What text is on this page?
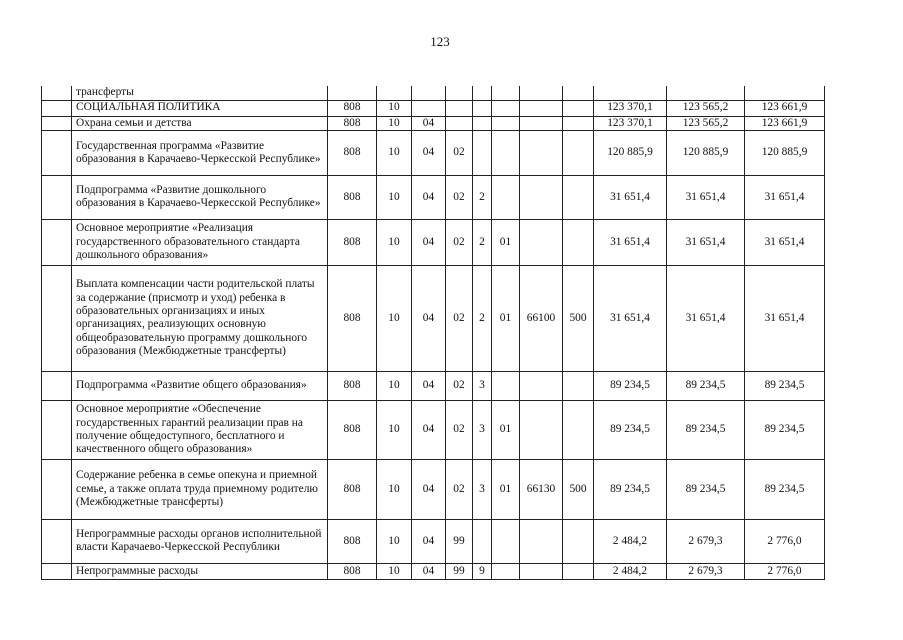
123
	трансферты											
	СОЦИАЛЬНАЯ ПОЛИТИКА	808	10							123 370,1	123 565,2	123 661,9
	Охрана семьи и детства	808	10	04						123 370,1	123 565,2	123 661,9
	Государственная программа «Развитие образования в Карачаево-Черкесской Республике»	808	10	04	02					120 885,9	120 885,9	120 885,9
	Подпрограмма «Развитие дошкольного образования в Карачаево-Черкесской Республике»	808	10	04	02	2				31 651,4	31 651,4	31 651,4
	Основное мероприятие «Реализация государственного образовательного стандарта дошкольного образования»	808	10	04	02	2	01			31 651,4	31 651,4	31 651,4
	Выплата компенсации части родительской платы за содержание (присмотр и уход) ребенка в образовательных организациях и иных организациях, реализующих основную общеобразовательную программу дошкольного образования (Межбюджетные трансферты)	808	10	04	02	2	01	66100	500	31 651,4	31 651,4	31 651,4
	Подпрограмма «Развитие общего образования»	808	10	04	02	3				89 234,5	89 234,5	89 234,5
	Основное мероприятие «Обеспечение государственных гарантий реализации прав на получение общедоступного, бесплатного и качественного общего образования»	808	10	04	02	3	01			89 234,5	89 234,5	89 234,5
	Содержание ребенка в семье опекуна и приемной семье, а также оплата труда приемному родителю (Межбюджетные трансферты)	808	10	04	02	3	01	66130	500	89 234,5	89 234,5	89 234,5
	Непрограммные расходы органов исполнительной власти Карачаево-Черкесской Республики	808	10	04	99					2 484,2	2 679,3	2 776,0
	Непрограммные расходы	808	10	04	99	9				2 484,2	2 679,3	2 776,0
